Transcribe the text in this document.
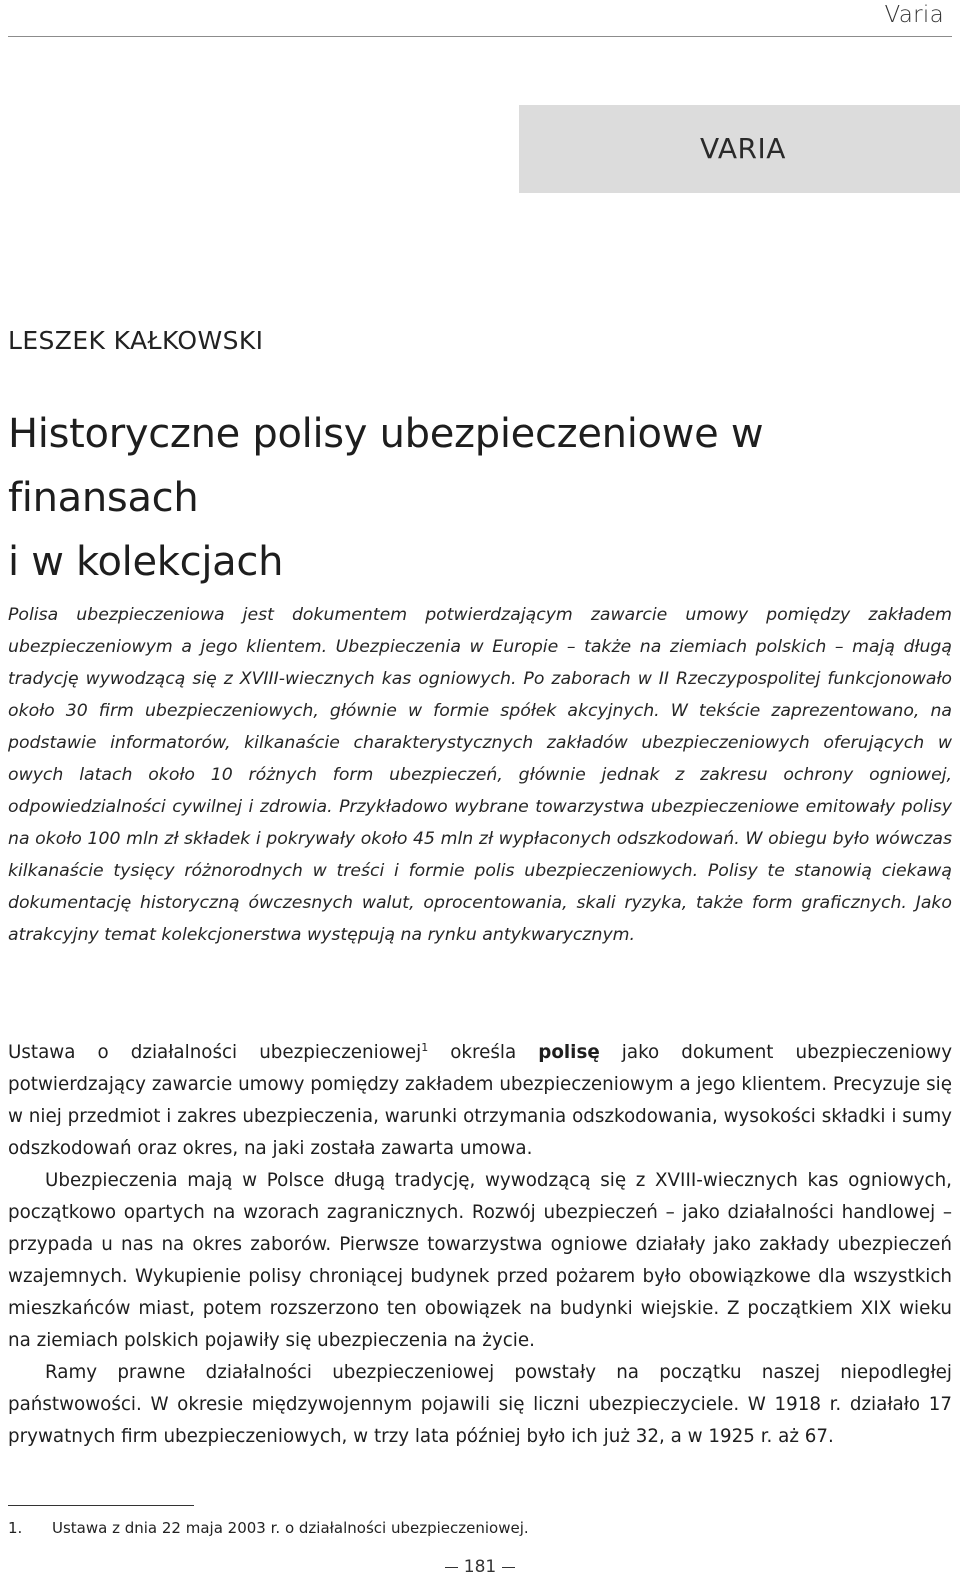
Varia
VARIA
LESZEK KAŁKOWSKI
Historyczne polisy ubezpieczeniowe w finansach
i w kolekcjach

Polisa ubezpieczeniowa jest dokumentem potwierdzającym zawarcie umowy pomiędzy zakładem ubezpieczeniowym a jego klientem. Ubezpieczenia w Europie – także na ziemiach polskich – mają długą tradycję wywodzącą się z XVIII-wiecznych kas ogniowych. Po zaborach w II Rzeczypospolitej funkcjonowało około 30 firm ubezpieczeniowych, głównie w formie spółek akcyjnych. W tekście zaprezentowano, na podstawie informatorów, kilkanaście charakterystycznych zakładów ubezpieczeniowych oferujących w owych latach około 10 różnych form ubezpieczeń, głównie jednak z zakresu ochrony ogniowej, odpowiedzialności cywilnej i zdrowia. Przykładowo wybrane towarzystwa ubezpieczeniowe emitowały polisy na około 100 mln zł składek i pokrywały około 45 mln zł wypłaconych odszkodowań. W obiegu było wówczas kilkanaście tysięcy różnorodnych w treści i formie polis ubezpieczeniowych. Polisy te stanowią ciekawą dokumentację historyczną ówczesnych walut, oprocentowania, skali ryzyka, także form graficznych. Jako atrakcyjny temat kolekcjonerstwa występują na rynku antykwarycznym.

Ustawa o działalności ubezpieczeniowej$^1$ określa polisę jako dokument ubezpieczeniowy potwierdzający zawarcie umowy pomiędzy zakładem ubezpieczeniowym a jego klientem. Precyzuje się w niej przedmiot i zakres ubezpieczenia, warunki otrzymania odszkodowania, wysokości składki i sumy odszkodowań oraz okres, na jaki została zawarta umowa.

Ubezpieczenia mają w Polsce długą tradycję, wywodzącą się z XVIII-wiecznych kas ogniowych, początkowo opartych na wzorach zagranicznych. Rozwój ubezpieczeń – jako działalności handlowej – przypada u nas na okres zaborów. Pierwsze towarzystwa ogniowe działały jako zakłady ubezpieczeń wzajemnych. Wykupienie polisy chroniącej budynek przed pożarem było obowiązkowe dla wszystkich mieszkańców miast, potem rozszerzono ten obowiązek na budynki wiejskie. Z początkiem XIX wieku na ziemiach polskich pojawiły się ubezpieczenia na życie.

Ramy prawne działalności ubezpieczeniowej powstały na początku naszej niepodległej państwowości. W okresie międzywojennym pojawili się liczni ubezpieczyciele. W 1918 r. działało 17 prywatnych firm ubezpieczeniowych, w trzy lata później było ich już 32, a w 1925 r. aż 67.

1. Ustawa z dnia 22 maja 2003 r. o działalności ubezpieczeniowej.
181
